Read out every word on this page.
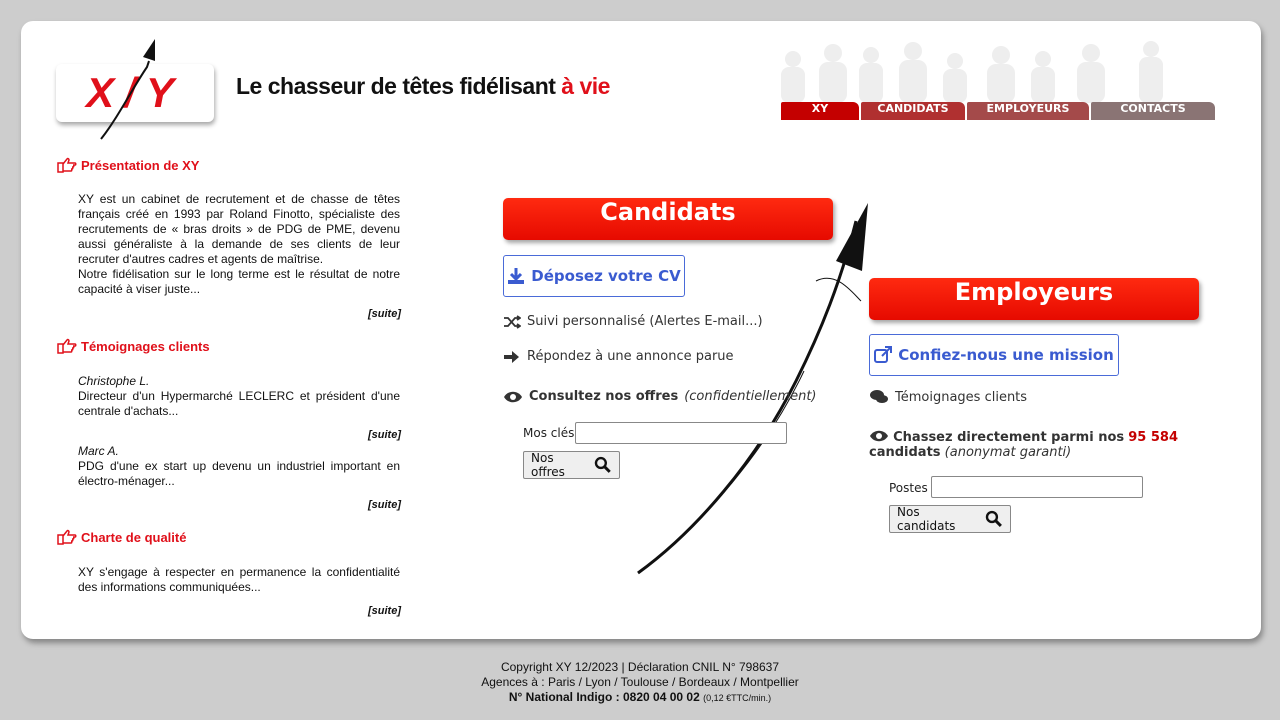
X/Y	Le chasseur de têtes fidélisant à vie
XY	CANDIDATS	EMPLOYEURS	CONTACTS
Présentation de XY
XY est un cabinet de recrutement et de chasse de têtes français créé en 1993 par Roland Finotto, spécialiste des recrutements de « bras droits » de PDG de PME, devenu aussi généraliste à la demande de ses clients de leur recruter d'autres cadres et agents de maîtrise.
Notre fidélisation sur le long terme est le résultat de notre capacité à viser juste...
[suite]
Témoignages clients
Christophe L.
Directeur d'un Hypermarché LECLERC et président d'une centrale d'achats...
[suite]
Marc A.
PDG d'une ex start up devenu un industriel important en électro-ménager...
[suite]
Charte de qualité
XY s'engage à respecter en permanence la confidentialité des informations communiquées...
[suite]
Candidats
Déposez votre CV
Suivi personnalisé (Alertes E-mail...)
Répondez à une annonce parue
Consultez nos offres (confidentiellement)
Mos clés
Nos offres
Employeurs
Confiez-nous une mission
Témoignages clients
Chassez directement parmi nos 95 584
candidats (anonymat garanti)
Postes
Nos candidats
Copyright XY 12/2023 | Déclaration CNIL N° 798637
Agences à : Paris / Lyon / Toulouse / Bordeaux / Montpellier
N° National Indigo : 0820 04 00 02 (0,12 €TTC/min.)
